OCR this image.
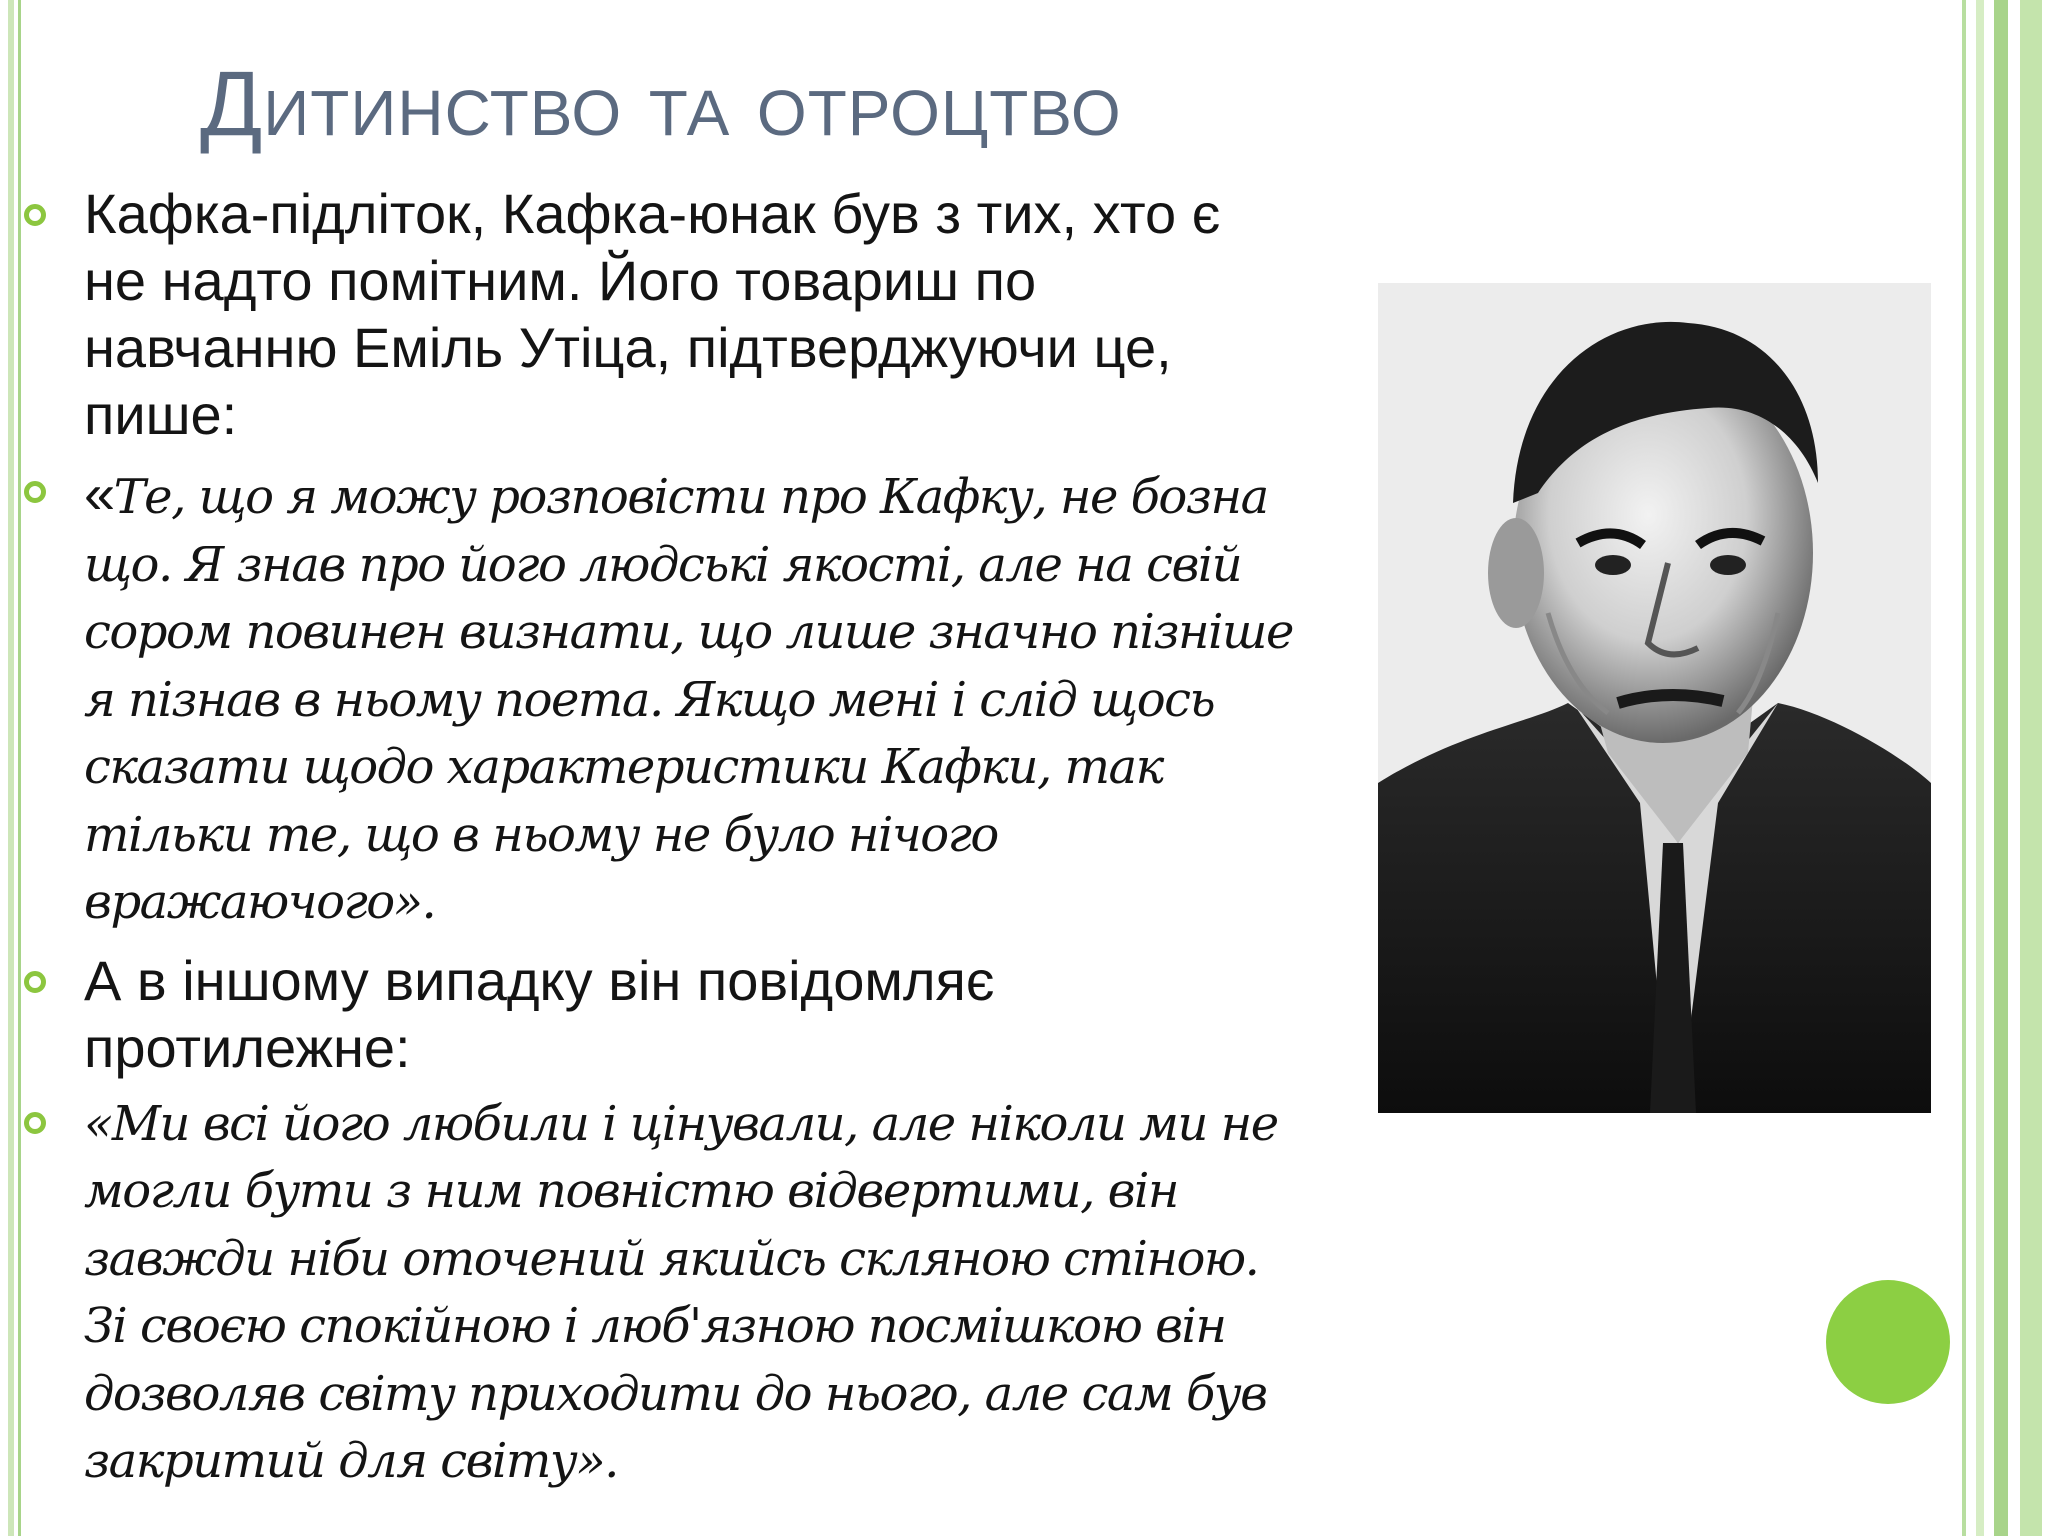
Дитинство та отроцтво
Кафка-підліток, Кафка-юнак був з тих, хто є не надто помітним. Його товариш по навчанню Еміль Утіца, підтверджуючи це, пише:
«Те, що я можу розповісти про Кафку, не бозна що. Я знав про його людські якості, але на свій сором повинен визнати, що лише значно пізніше я пізнав в ньому поета. Якщо мені і слід щось сказати щодо характеристики Кафки, так тільки те, що в ньому не було нічого вражаючого».
А в іншому випадку він повідомляє протилежне:
«Ми всі його любили і цінували, але ніколи ми не могли бути з ним повністю відвертими, він завжди ніби оточений якийсь скляною стіною. Зі своєю спокійною і люб'язною посмішкою він дозволяв світу приходити до нього, але сам був закритий для світу».
